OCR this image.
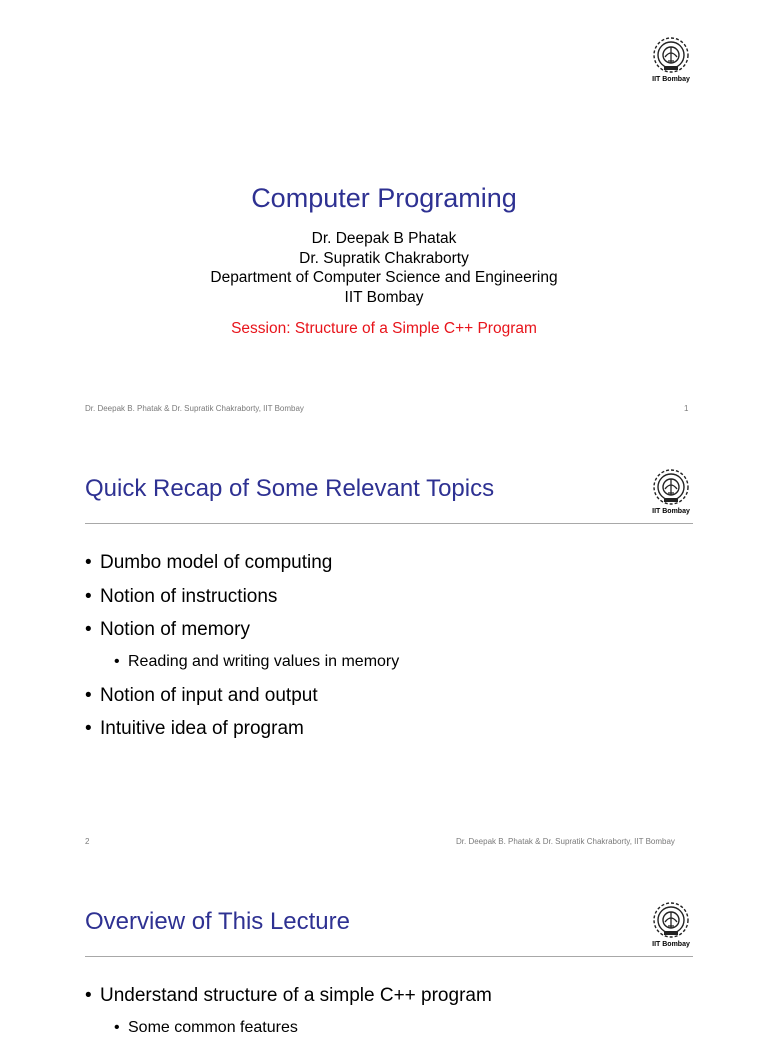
IIT Bombay
Computer Programing
Dr. Deepak B Phatak
Dr. Supratik Chakraborty
Department of Computer Science and Engineering
IIT Bombay
Session: Structure of a Simple C++ Program
Dr. Deepak B. Phatak & Dr. Supratik Chakraborty, IIT Bombay	1
Quick Recap of Some Relevant Topics
IIT Bombay
• Dumbo model of computing
• Notion of instructions
• Notion of memory
• Reading and writing values in memory
• Notion of input and output
• Intuitive idea of program
2	Dr. Deepak B. Phatak & Dr. Supratik Chakraborty, IIT Bombay
Overview of This Lecture
IIT Bombay
• Understand structure of a simple C++ program
• Some common features
